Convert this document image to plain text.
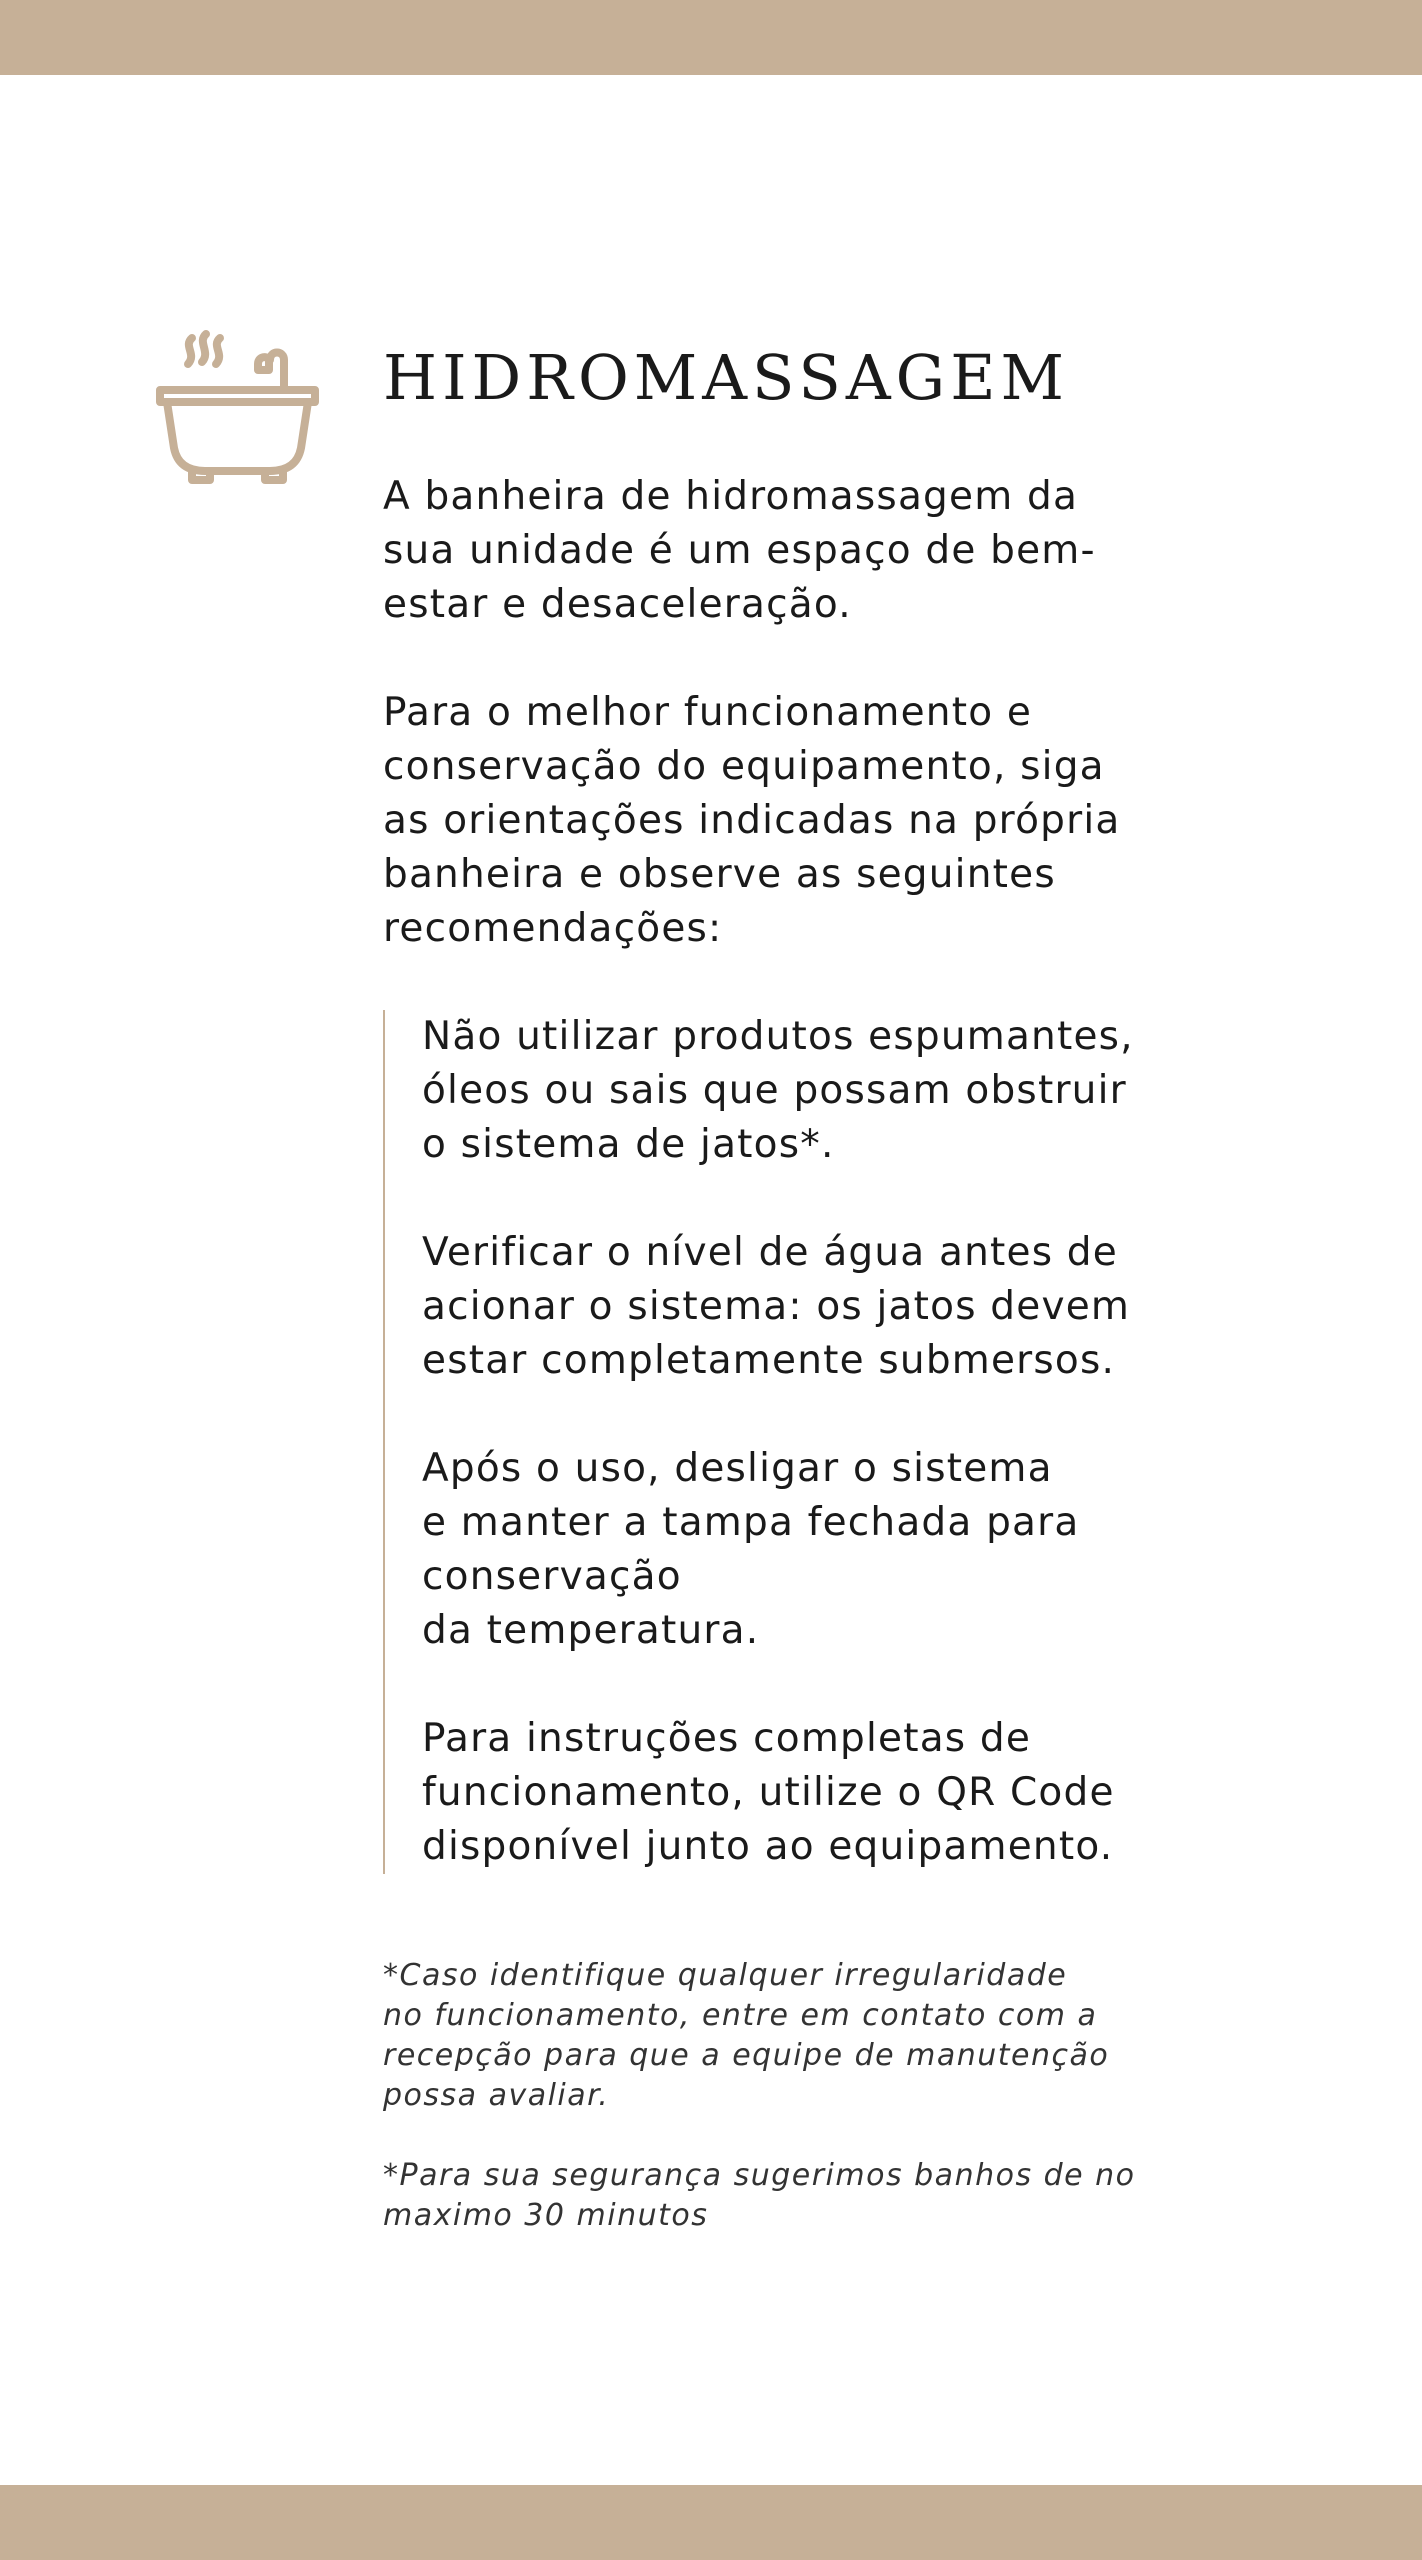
HIDROMASSAGEM

A banheira de hidromassagem da
sua unidade é um espaço de bem-
estar e desaceleração.

Para o melhor funcionamento e
conservação do equipamento, siga
as orientações indicadas na própria
banheira e observe as seguintes
recomendações:

Não utilizar produtos espumantes,
óleos ou sais que possam obstruir
o sistema de jatos*.

Verificar o nível de água antes de
acionar o sistema: os jatos devem
estar completamente submersos.

Após o uso, desligar o sistema
e manter a tampa fechada para
conservação
da temperatura.

Para instruções completas de
funcionamento, utilize o QR Code
disponível junto ao equipamento.

*Caso identifique qualquer irregularidade
no funcionamento, entre em contato com a
recepção para que a equipe de manutenção
possa avaliar.

*Para sua segurança sugerimos banhos de no
maximo 30 minutos
